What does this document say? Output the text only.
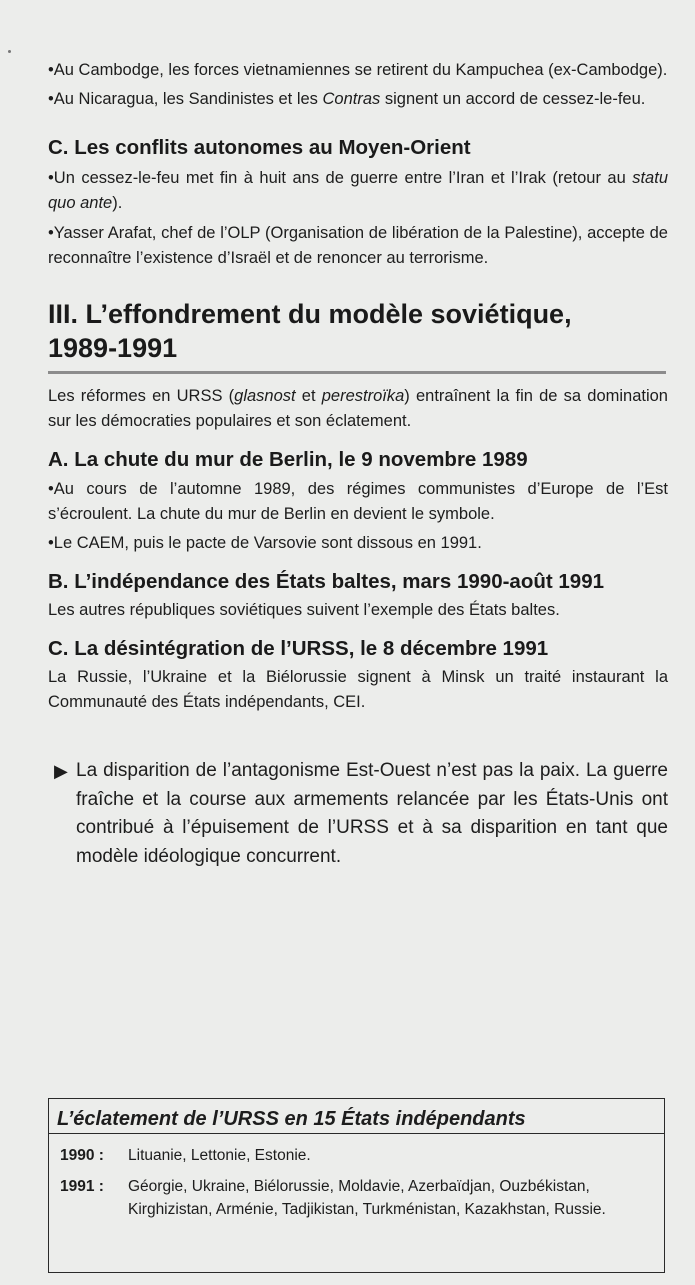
• Au Cambodge, les forces vietnamiennes se retirent du Kampuchea (ex-Cambodge).

• Au Nicaragua, les Sandinistes et les Contras signent un accord de cessez-le-feu.

C. Les conflits autonomes au Moyen-Orient

• Un cessez-le-feu met fin à huit ans de guerre entre l’Iran et l’Irak (retour au statu quo ante).

• Yasser Arafat, chef de l’OLP (Organisation de libération de la Palestine), accepte de reconnaître l’existence d’Israël et de renoncer au terrorisme.

III. L’effondrement du modèle soviétique,
1989-1991

Les réformes en URSS (glasnost et perestroïka) entraînent la fin de sa domination sur les démocraties populaires et son éclatement.

A. La chute du mur de Berlin, le 9 novembre 1989

• Au cours de l’automne 1989, des régimes communistes d’Europe de l’Est s’écroulent. La chute du mur de Berlin en devient le symbole.

• Le CAEM, puis le pacte de Varsovie sont dissous en 1991.

B. L’indépendance des États baltes, mars 1990-août 1991

Les autres républiques soviétiques suivent l’exemple des États baltes.

C. La désintégration de l’URSS, le 8 décembre 1991

La Russie, l’Ukraine et la Biélorussie signent à Minsk un traité instaurant la Communauté des États indépendants, CEI.

▶ La disparition de l’antagonisme Est-Ouest n’est pas la paix. La guerre fraîche et la course aux armements relancée par les États-Unis ont contribué à l’épuisement de l’URSS et à sa disparition en tant que modèle idéologique concurrent.

L’éclatement de l’URSS en 15 États indépendants
1990 :	Lituanie, Lettonie, Estonie.
1991 :	Géorgie, Ukraine, Biélorussie, Moldavie, Azerbaïdjan, Ouzbékistan, Kirghizistan, Arménie, Tadjikistan, Turkménistan, Kazakhstan, Russie.
